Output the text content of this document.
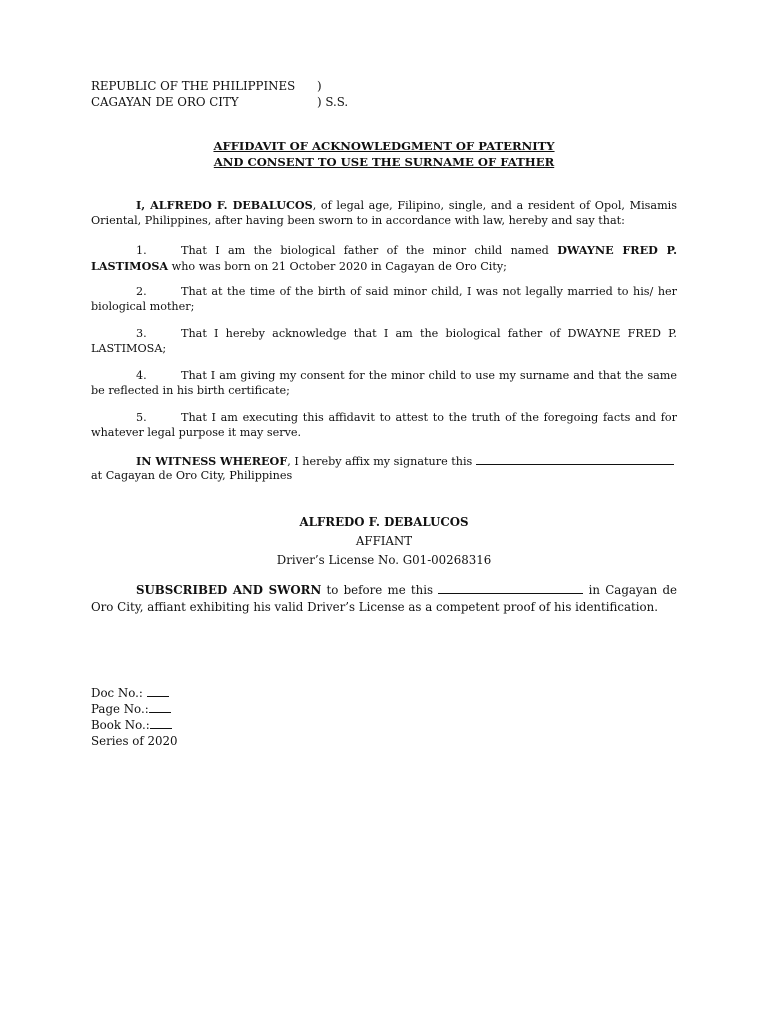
REPUBLIC OF THE PHILIPPINES	)
CAGAYAN DE ORO CITY	) S.S.
AFFIDAVIT OF ACKNOWLEDGMENT OF PATERNITY
AND CONSENT TO USE THE SURNAME OF FATHER
I, ALFREDO F. DEBALUCOS, of legal age, Filipino, single, and a resident of Opol, Misamis Oriental, Philippines, after having been sworn to in accordance with law, hereby and say that:
1.	That I am the biological father of the minor child named DWAYNE FRED P. LASTIMOSA who was born on 21 October 2020 in Cagayan de Oro City;
2.	That at the time of the birth of said minor child, I was not legally married to his/ her biological mother;
3.	That I hereby acknowledge that I am the biological father of DWAYNE FRED P. LASTIMOSA;
4.	That I am giving my consent for the minor child to use my surname and that the same be reflected in his birth certificate;
5.	That I am executing this affidavit to attest to the truth of the foregoing facts and for whatever legal purpose it may serve.
IN WITNESS WHEREOF, I hereby affix my signature this
at Cagayan de Oro City, Philippines
ALFREDO F. DEBALUCOS
AFFIANT
Driver’s License No. G01-00268316
SUBSCRIBED AND SWORN to before me this	in Cagayan de Oro City, affiant exhibiting his valid Driver’s License as a competent proof of his identification.
Doc No.:
Page No.:
Book No.:
Series of 2020
